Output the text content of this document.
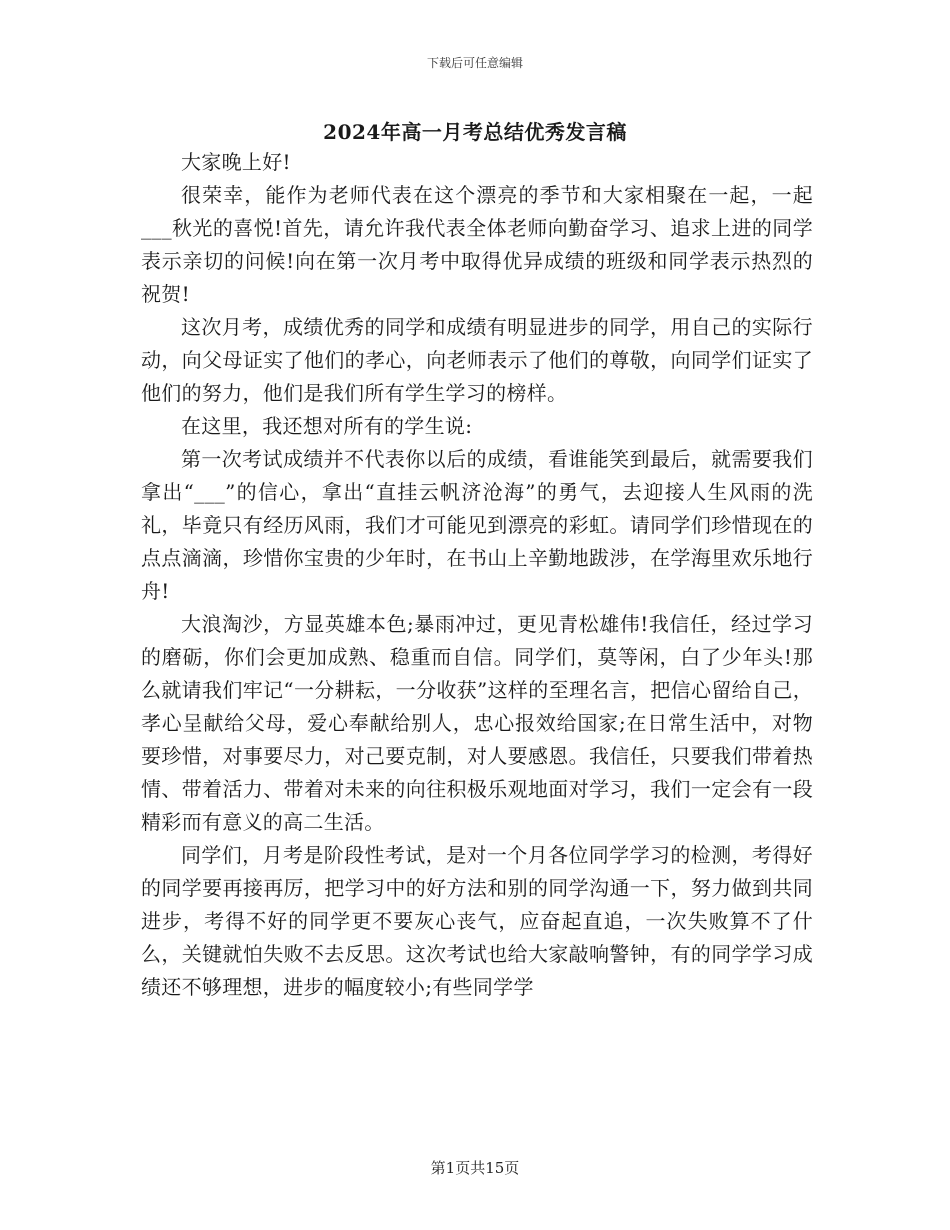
下载后可任意编辑
2024年高一月考总结优秀发言稿

大家晚上好!

很荣幸，能作为老师代表在这个漂亮的季节和大家相聚在一起，一起___秋光的喜悦!首先，请允许我代表全体老师向勤奋学习、追求上进的同学表示亲切的问候!向在第一次月考中取得优异成绩的班级和同学表示热烈的祝贺!

这次月考，成绩优秀的同学和成绩有明显进步的同学，用自己的实际行动，向父母证实了他们的孝心，向老师表示了他们的尊敬，向同学们证实了他们的努力，他们是我们所有学生学习的榜样。

在这里，我还想对所有的学生说:

第一次考试成绩并不代表你以后的成绩，看谁能笑到最后，就需要我们拿出“___”的信心，拿出“直挂云帆济沧海”的勇气，去迎接人生风雨的洗礼，毕竟只有经历风雨，我们才可能见到漂亮的彩虹。请同学们珍惜现在的点点滴滴，珍惜你宝贵的少年时，在书山上辛勤地跋涉，在学海里欢乐地行舟!

大浪淘沙，方显英雄本色;暴雨冲过，更见青松雄伟!我信任，经过学习的磨砺，你们会更加成熟、稳重而自信。同学们，莫等闲，白了少年头!那么就请我们牢记“一分耕耘，一分收获”这样的至理名言，把信心留给自己，孝心呈献给父母，爱心奉献给别人，忠心报效给国家;在日常生活中，对物要珍惜，对事要尽力，对己要克制，对人要感恩。我信任，只要我们带着热情、带着活力、带着对未来的向往积极乐观地面对学习，我们一定会有一段精彩而有意义的高二生活。

同学们，月考是阶段性考试，是对一个月各位同学学习的检测，考得好的同学要再接再厉，把学习中的好方法和别的同学沟通一下，努力做到共同进步，考得不好的同学更不要灰心丧气，应奋起直追，一次失败算不了什么，关键就怕失败不去反思。这次考试也给大家敲响警钟，有的同学学习成绩还不够理想，进步的幅度较小;有些同学学

第1页共15页
